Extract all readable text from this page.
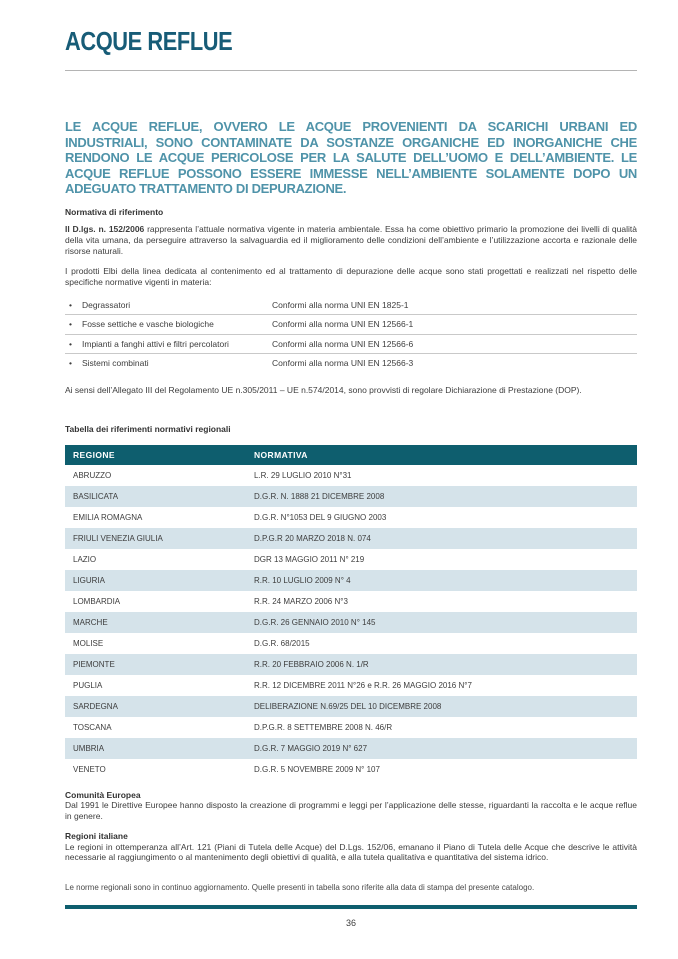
ACQUE REFLUE

LE ACQUE REFLUE, OVVERO LE ACQUE PROVENIENTI DA SCARICHI URBANI ED INDUSTRIALI, SONO CONTAMINATE DA SOSTANZE ORGANICHE ED INORGANICHE CHE RENDONO LE ACQUE PERICOLOSE PER LA SALUTE DELL’UOMO E DELL’AMBIENTE. LE ACQUE REFLUE POSSONO ESSERE IMMESSE NELL’AMBIENTE SOLAMENTE DOPO UN ADEGUATO TRATTAMENTO DI DEPURAZIONE.

Normativa di riferimento

Il D.lgs. n. 152/2006 rappresenta l’attuale normativa vigente in materia ambientale. Essa ha come obiettivo primario la promozione dei livelli di qualità della vita umana, da perseguire attraverso la salvaguardia ed il miglioramento delle condizioni dell’ambiente e l’utilizzazione accorta e razionale delle risorse naturali.

I prodotti Elbi della linea dedicata al contenimento ed al trattamento di depurazione delle acque sono stati progettati e realizzati nel rispetto delle specifiche normative vigenti in materia:

•	Degrassatori	Conformi alla norma UNI EN 1825-1
•	Fosse settiche e vasche biologiche	Conformi alla norma UNI EN 12566-1
•	Impianti a fanghi attivi e filtri percolatori	Conformi alla norma UNI EN 12566-6
•	Sistemi combinati	Conformi alla norma UNI EN 12566-3

Ai sensi dell’Allegato III del Regolamento UE n.305/2011 – UE n.574/2014, sono provvisti di regolare Dichiarazione di Prestazione (DOP).

Tabella dei riferimenti normativi regionali
REGIONE	NORMATIVA
ABRUZZO	L.R. 29 LUGLIO 2010 N°31
BASILICATA	D.G.R. N. 1888 21 DICEMBRE 2008
EMILIA ROMAGNA	D.G.R. N°1053 DEL 9 GIUGNO 2003
FRIULI VENEZIA GIULIA	D.P.G.R 20 MARZO 2018 N. 074
LAZIO	DGR 13 MAGGIO 2011 N° 219
LIGURIA	R.R. 10 LUGLIO 2009 N° 4
LOMBARDIA	R.R. 24 MARZO 2006 N°3
MARCHE	D.G.R. 26 GENNAIO 2010 N° 145
MOLISE	D.G.R. 68/2015
PIEMONTE	R.R. 20 FEBBRAIO 2006 N. 1/R
PUGLIA	R.R. 12 DICEMBRE 2011 N°26 e R.R. 26 MAGGIO 2016 N°7
SARDEGNA	DELIBERAZIONE N.69/25 DEL 10 DICEMBRE 2008
TOSCANA	D.P.G.R. 8 SETTEMBRE 2008 N. 46/R
UMBRIA	D.G.R. 7 MAGGIO 2019 N° 627
VENETO	D.G.R. 5 NOVEMBRE 2009 N° 107
Comunità Europea

Dal 1991 le Direttive Europee hanno disposto la creazione di programmi e leggi per l’applicazione delle stesse, riguardanti la raccolta e le acque reflue in genere.

Regioni italiane

Le regioni in ottemperanza all’Art. 121 (Piani di Tutela delle Acque) del D.Lgs. 152/06, emanano il Piano di Tutela delle Acque che descrive le attività necessarie al raggiungimento o al mantenimento degli obiettivi di qualità, e alla tutela qualitativa e quantitativa del sistema idrico.

Le norme regionali sono in continuo aggiornamento. Quelle presenti in tabella sono riferite alla data di stampa del presente catalogo.

36
